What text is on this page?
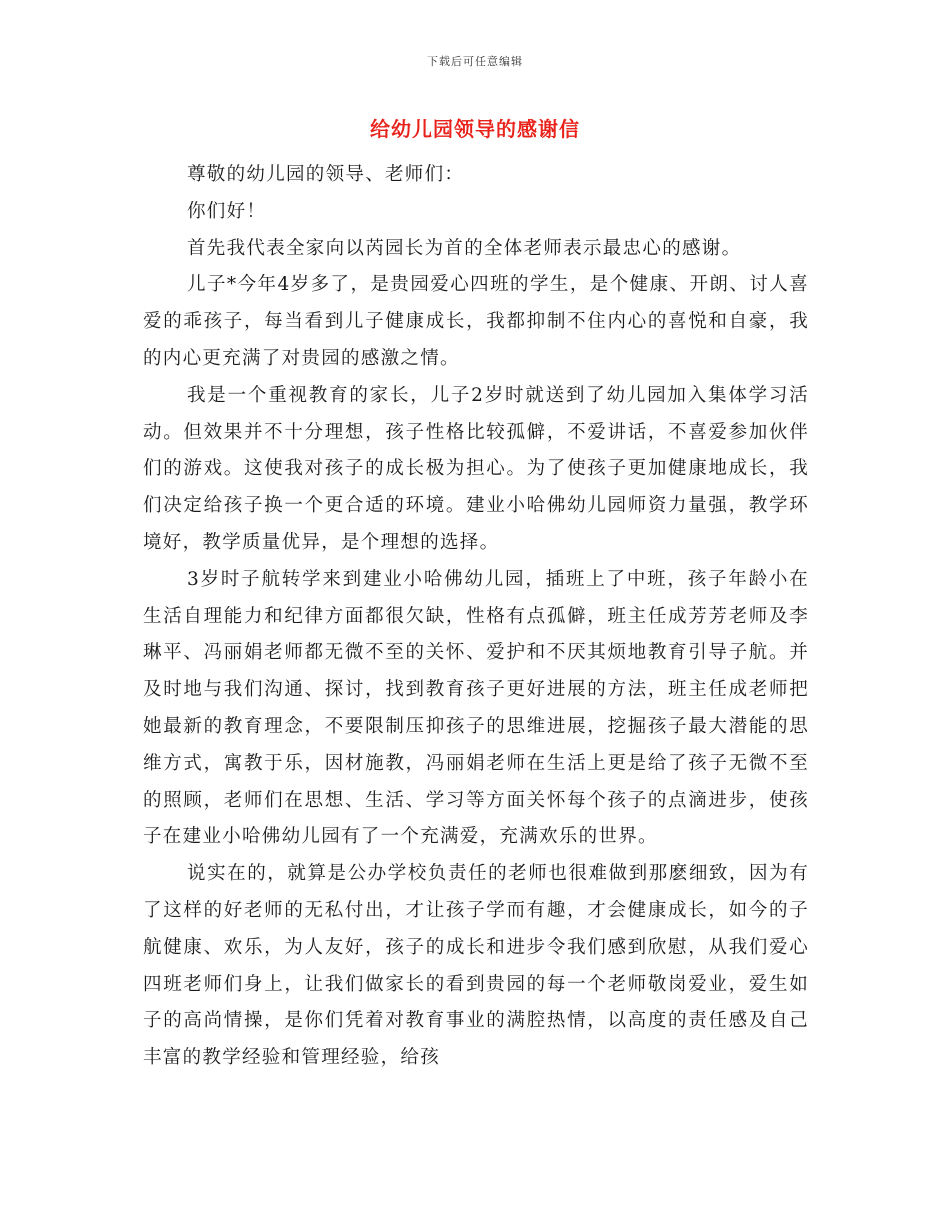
下载后可任意编辑
给幼儿园领导的感谢信

尊敬的幼儿园的领导、老师们：

你们好！

首先我代表全家向以芮园长为首的全体老师表示最忠心的感谢。

儿子*今年4岁多了，是贵园爱心四班的学生，是个健康、开朗、讨人喜爱的乖孩子，每当看到儿子健康成长，我都抑制不住内心的喜悦和自豪，我的内心更充满了对贵园的感激之情。

我是一个重视教育的家长，儿子2岁时就送到了幼儿园加入集体学习活动。但效果并不十分理想，孩子性格比较孤僻，不爱讲话，不喜爱参加伙伴们的游戏。这使我对孩子的成长极为担心。为了使孩子更加健康地成长，我们决定给孩子换一个更合适的环境。建业小哈佛幼儿园师资力量强，教学环境好，教学质量优异，是个理想的选择。

3岁时子航转学来到建业小哈佛幼儿园，插班上了中班，孩子年龄小在生活自理能力和纪律方面都很欠缺，性格有点孤僻，班主任成芳芳老师及李琳平、冯丽娟老师都无微不至的关怀、爱护和不厌其烦地教育引导子航。并及时地与我们沟通、探讨，找到教育孩子更好进展的方法，班主任成老师把她最新的教育理念，不要限制压抑孩子的思维进展，挖掘孩子最大潜能的思维方式，寓教于乐，因材施教，冯丽娟老师在生活上更是给了孩子无微不至的照顾，老师们在思想、生活、学习等方面关怀每个孩子的点滴进步，使孩子在建业小哈佛幼儿园有了一个充满爱，充满欢乐的世界。

说实在的，就算是公办学校负责任的老师也很难做到那麽细致，因为有了这样的好老师的无私付出，才让孩子学而有趣，才会健康成长，如今的子航健康、欢乐，为人友好，孩子的成长和进步令我们感到欣慰，从我们爱心四班老师们身上，让我们做家长的看到贵园的每一个老师敬岗爱业，爱生如子的高尚情操，是你们凭着对教育事业的满腔热情，以高度的责任感及自己丰富的教学经验和管理经验，给孩
